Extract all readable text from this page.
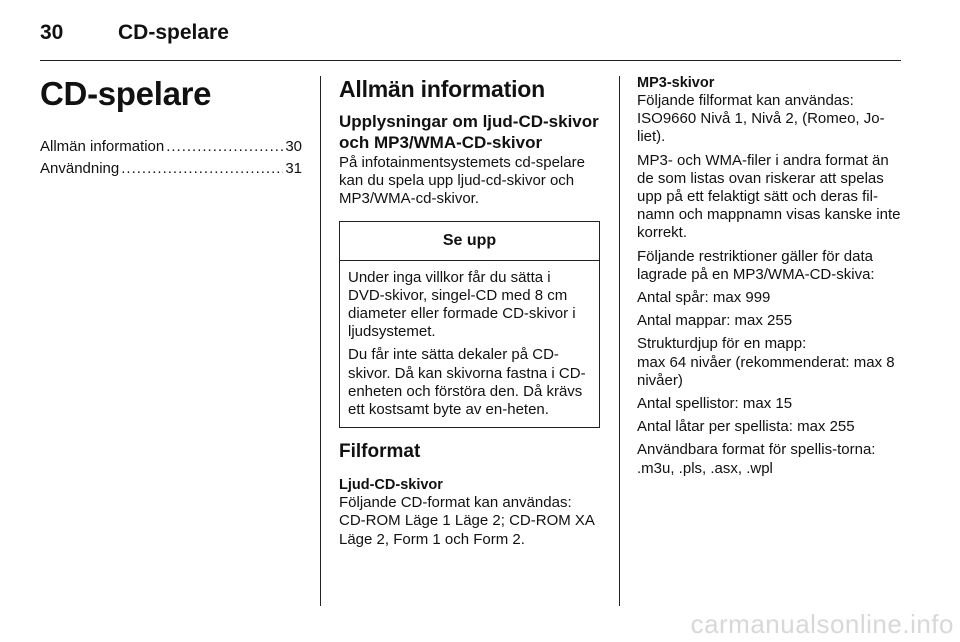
30	CD-spelare
CD-spelare
Allmän information .....	30
Användning .....	31
Allmän information
Upplysningar om ljud-CD-skivor
och MP3/WMA-CD-skivor

På infotainmentsystemets cd-spelare kan du spela upp ljud-cd-skivor och MP3/WMA-cd-skivor.

Se upp

Under inga villkor får du sätta i DVD-skivor, singel-CD med 8 cm diameter eller formade CD-skivor i ljudsystemet.

Du får inte sätta dekaler på CD-skivor. Då kan skivorna fastna i CD-enheten och förstöra den. Då krävs ett kostsamt byte av en-heten.

Filformat
Ljud-CD-skivor

Följande CD-format kan användas: CD-ROM Läge 1 Läge 2; CD-ROM XA Läge 2, Form 1 och Form 2.

MP3-skivor

Följande filformat kan användas: ISO9660 Nivå 1, Nivå 2, (Romeo, Jo-liet).

MP3- och WMA-filer i andra format än de som listas ovan riskerar att spelas upp på ett felaktigt sätt och deras fil-namn och mappnamn visas kanske inte korrekt.

Följande restriktioner gäller för data lagrade på en MP3/WMA-CD-skiva:

Antal spår: max 999

Antal mappar: max 255

Strukturdjup för en mapp:
max 64 nivåer (rekommenderat: max 8 nivåer)

Antal spellistor: max 15

Antal låtar per spellista: max 255

Användbara format för spellis-torna: .m3u, .pls, .asx, .wpl

carmanualsonline.info
